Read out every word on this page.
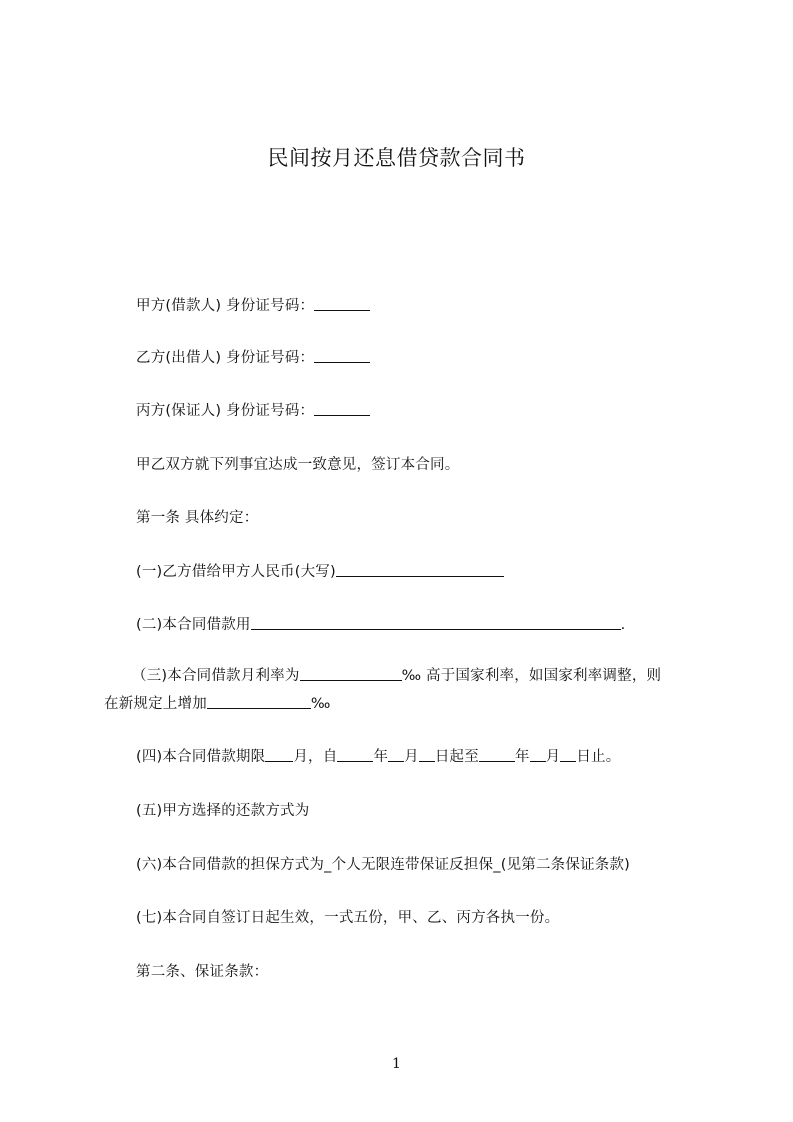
民间按月还息借贷款合同书
甲方(借款人) 身份证号码：
乙方(出借人) 身份证号码：
丙方(保证人) 身份证号码：
甲乙双方就下列事宜达成一致意见，签订本合同。
第一条 具体约定：
(一)乙方借给甲方人民币(大写)
(二)本合同借款用	.
（三)本合同借款月利率为	‰ 高于国家利率，如国家利率调整，则
在新规定上增加	‰
(四)本合同借款期限 月，自 年 月 日起至 年 月 日止。
(五)甲方选择的还款方式为
(六)本合同借款的担保方式为_个人无限连带保证反担保_(见第二条保证条款)
(七)本合同自签订日起生效，一式五份，甲、乙、丙方各执一份。
第二条、保证条款：
1
